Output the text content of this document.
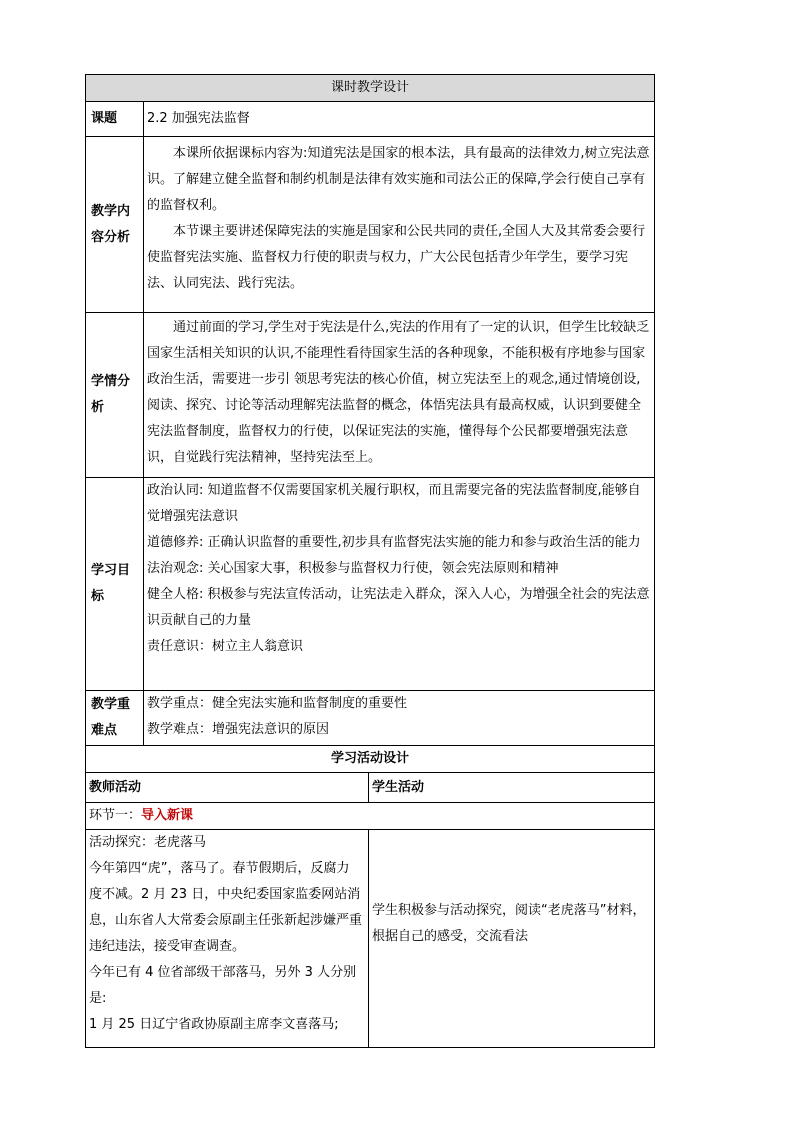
课时教学设计		
课题	2.2 加强宪法监督	
教学内容分析	本课所依据课标内容为:知道宪法是国家的根本法，具有最高的法律效力,树立宪法意识。了解建立健全监督和制约机制是法律有效实施和司法公正的保障,学会行使自己享有的监督权利。

本节课主要讲述保障宪法的实施是国家和公民共同的责任,全国人大及其常委会要行使监督宪法实施、监督权力行使的职责与权力，广大公民包括青少年学生，要学习宪法、认同宪法、践行宪法。	

学情分析	通过前面的学习,学生对于宪法是什么,宪法的作用有了一定的认识，但学生比较缺乏国家生活相关知识的认识,不能理性看待国家生活的各种现象，不能积极有序地参与国家政治生活，需要进一步引 领思考宪法的核心价值，树立宪法至上的观念,通过情境创设,阅读、探究、讨论等活动理解宪法监督的概念，体悟宪法具有最高权威，认识到要健全宪法监督制度，监督权力的行使，以保证宪法的实施，懂得每个公民都要增强宪法意识，自觉践行宪法精神，坚持宪法至上。	

学习目标	政治认同: 知道监督不仅需要国家机关履行职权，而且需要完备的宪法监督制度,能够自觉增强宪法意识

道德修养: 正确认识监督的重要性,初步具有监督宪法实施的能力和参与政治生活的能力

法治观念: 关心国家大事，积极参与监督权力行使，领会宪法原则和精神

健全人格: 积极参与宪法宣传活动，让宪法走入群众，深入人心，为增强全社会的宪法意识贡献自己的力量

责任意识：树立主人翁意识	

教学重难点	教学重点：健全宪法实施和监督制度的重要性

教学难点：增强宪法意识的原因	

学习活动设计		
教师活动		学生活动
环节一：导入新课		

活动探究：老虎落马

今年第四“虎”，落马了。春节假期后，反腐力度不减。2 月 23 日，中央纪委国家监委网站消息，山东省人大常委会原副主任张新起涉嫌严重违纪违法，接受审查调查。

今年已有 4 位省部级干部落马，另外 3 人分别是:

1 月 25 日辽宁省政协原副主席李文喜落马;		学生积极参与活动探究，阅读“老虎落马”材料，根据自己的感受，交流看法
